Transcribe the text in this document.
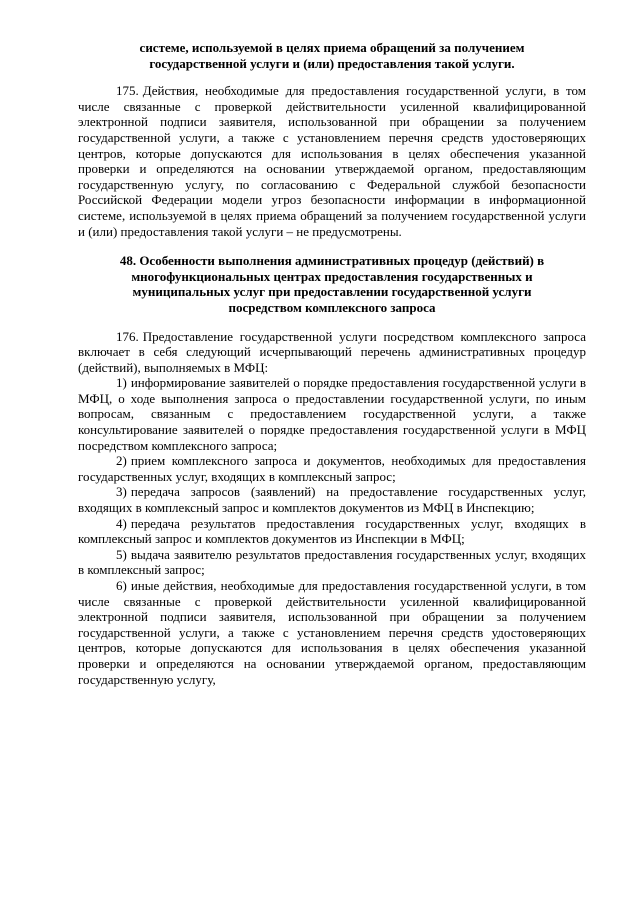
системе, используемой в целях приема обращений за получением государственной услуги и (или) предоставления такой услуги.

175. Действия, необходимые для предоставления государственной услуги, в том числе связанные с проверкой действительности усиленной квалифицированной электронной подписи заявителя, использованной при обращении за получением государственной услуги, а также с установлением перечня средств удостоверяющих центров, которые допускаются для использования в целях обеспечения указанной проверки и определяются на основании утверждаемой органом, предоставляющим государственную услугу, по согласованию с Федеральной службой безопасности Российской Федерации модели угроз безопасности информации в информационной системе, используемой в целях приема обращений за получением государственной услуги и (или) предоставления такой услуги – не предусмотрены.

48. Особенности выполнения административных процедур (действий) в многофункциональных центрах предоставления государственных и муниципальных услуг при предоставлении государственной услуги посредством комплексного запроса

176. Предоставление государственной услуги посредством комплексного запроса включает в себя следующий исчерпывающий перечень административных процедур (действий), выполняемых в МФЦ:

1) информирование заявителей о порядке предоставления государственной услуги в МФЦ, о ходе выполнения запроса о предоставлении государственной услуги, по иным вопросам, связанным с предоставлением государственной услуги, а также консультирование заявителей о порядке предоставления государственной услуги в МФЦ посредством комплексного запроса;

2) прием комплексного запроса и документов, необходимых для предоставления государственных услуг, входящих в комплексный запрос;

3) передача запросов (заявлений) на предоставление государственных услуг, входящих в комплексный запрос и комплектов документов из МФЦ в Инспекцию;

4) передача результатов предоставления государственных услуг, входящих в комплексный запрос и комплектов документов из Инспекции в МФЦ;

5) выдача заявителю результатов предоставления государственных услуг, входящих в комплексный запрос;

6) иные действия, необходимые для предоставления государственной услуги, в том числе связанные с проверкой действительности усиленной квалифицированной электронной подписи заявителя, использованной при обращении за получением государственной услуги, а также с установлением перечня средств удостоверяющих центров, которые допускаются для использования в целях обеспечения указанной проверки и определяются на основании утверждаемой органом, предоставляющим государственную услугу,
